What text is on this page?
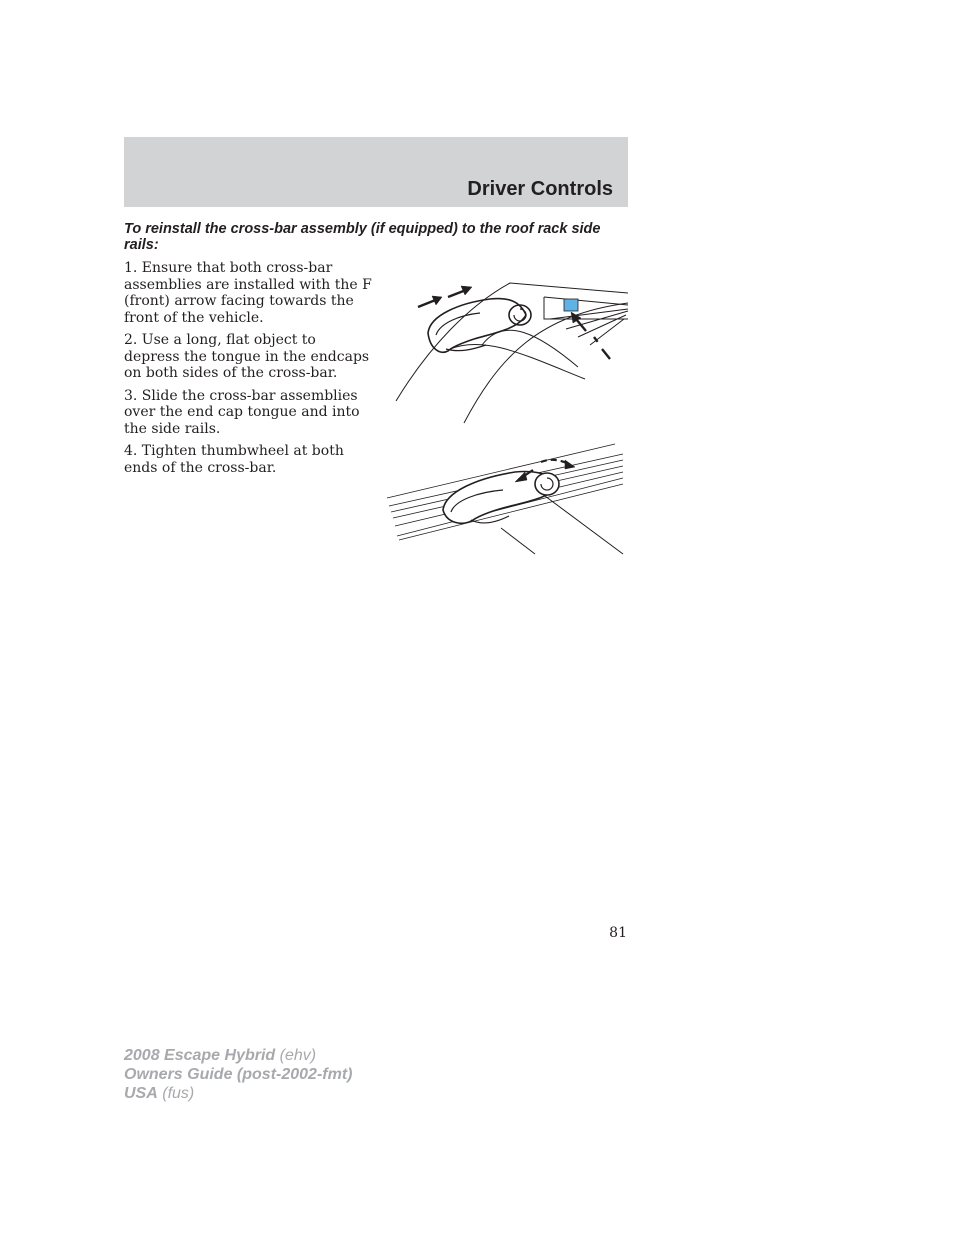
Driver Controls
To reinstall the cross-bar assembly (if equipped) to the roof rack side rails:

1. Ensure that both cross-bar assemblies are installed with the F (front) arrow facing towards the front of the vehicle.

2. Use a long, flat object to depress the tongue in the endcaps on both sides of the cross-bar.

3. Slide the cross-bar assemblies over the end cap tongue and into the side rails.

4. Tighten thumbwheel at both ends of the cross-bar.

81
2008 Escape Hybrid (ehv)
Owners Guide (post-2002-fmt)
USA (fus)
